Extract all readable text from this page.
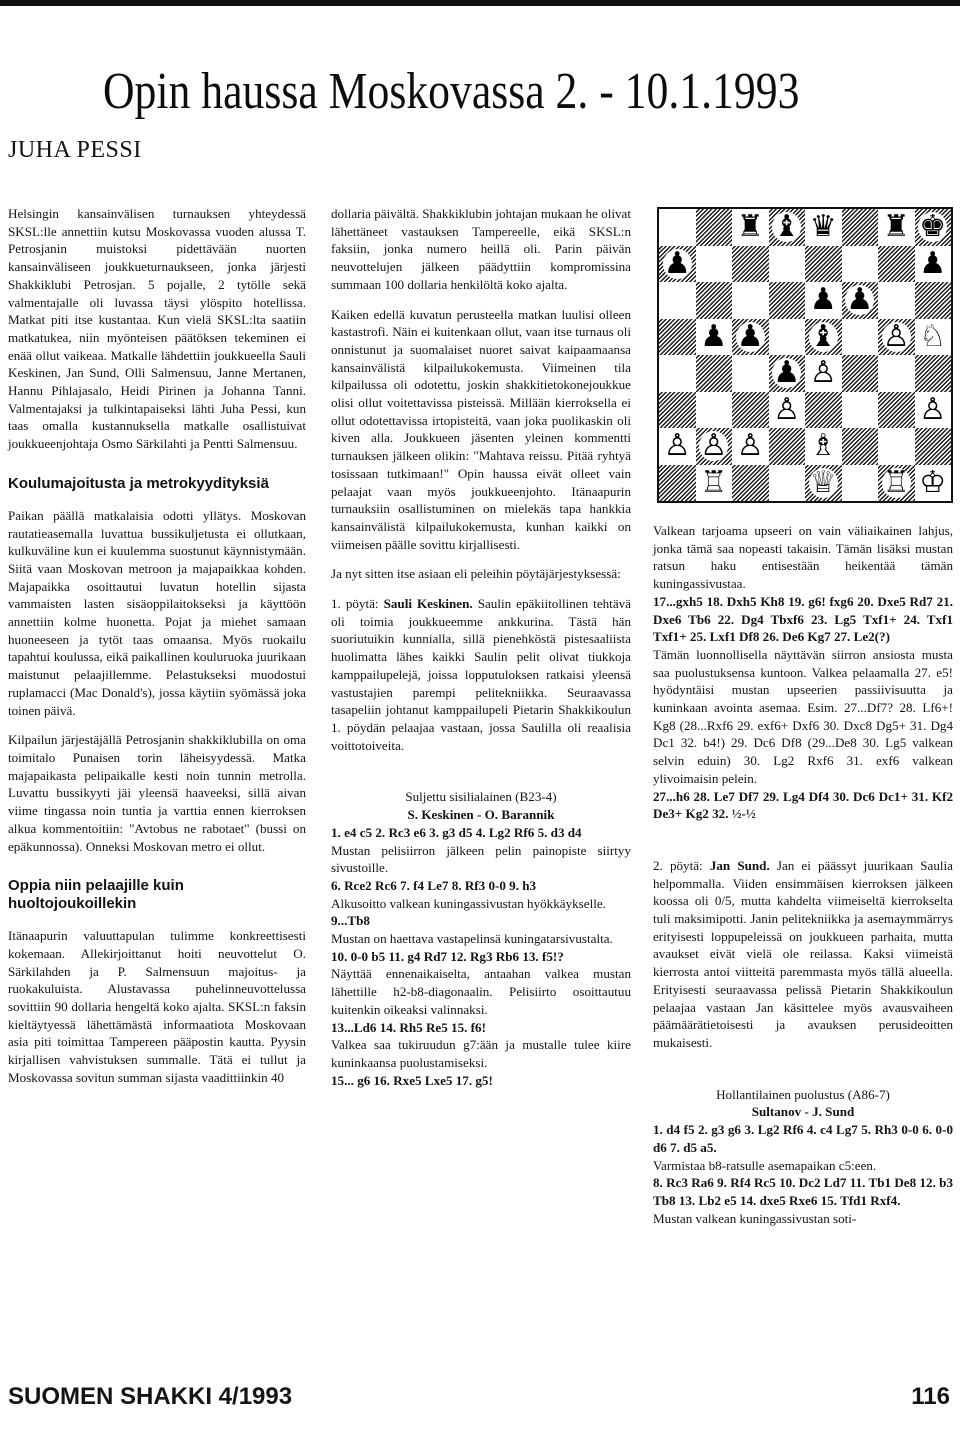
Opin haussa Moskovassa 2. - 10.1.1993
JUHA PESSI

Helsingin kansainvälisen turnauksen yhteydessä SKSL:lle annettiin kutsu Moskovassa vuoden alussa T. Petrosjanin muistoksi pidettävään nuorten kansainväliseen joukkueturnaukseen, jonka järjesti Shakkiklubi Petrosjan. 5 pojalle, 2 tytölle sekä valmentajalle oli luvassa täysi ylöspito hotellissa. Matkat piti itse kustantaa. Kun vielä SKSL:lta saatiin matkatukea, niin myönteisen päätöksen tekeminen ei enää ollut vaikeaa. Matkalle lähdettiin joukkueella Sauli Keskinen, Jan Sund, Olli Salmensuu, Janne Mertanen, Hannu Pihlajasalo, Heidi Pirinen ja Johanna Tanni. Valmentajaksi ja tulkintapaiseksi lähti Juha Pessi, kun taas omalla kustannuksella matkalle osallistuivat joukkueenjohtaja Osmo Särkilahti ja Pentti Salmensuu.

Koulumajoitusta ja metrokyydityksiä

Paikan päällä matkalaisia odotti yllätys. Moskovan rautatieasemalla luvattua bussikuljetusta ei ollutkaan, kulkuväline kun ei kuulemma suostunut käynnistymään. Siitä vaan Moskovan metroon ja majapaikkaa kohden. Majapaikka osoittautui luvatun hotellin sijasta vammaisten lasten sisäoppilaitokseksi ja käyttöön annettiin kolme huonetta. Pojat ja miehet samaan huoneeseen ja tytöt taas omaansa. Myös ruokailu tapahtui koulussa, eikä paikallinen kouluruoka juurikaan maistunut pelaajillemme. Pelastukseksi muodostui ruplamacci (Mac Donald's), jossa käytiin syömässä joka toinen päivä.

Kilpailun järjestäjällä Petrosjanin shakkiklubilla on oma toimitalo Punaisen torin läheisyydessä. Matka majapaikasta pelipaikalle kesti noin tunnin metrolla. Luvattu bussikyyti jäi yleensä haaveeksi, sillä aivan viime tingassa noin tuntia ja varttia ennen kierroksen alkua kommentoitiin: "Avtobus ne rabotaet" (bussi on epäkunnossa). Onneksi Moskovan metro ei ollut.

Oppia niin pelaajille kuin huoltojoukoillekin

Itänaapurin valuuttapulan tulimme konkreettisesti kokemaan. Allekirjoittanut hoiti neuvottelut O. Särkilahden ja P. Salmensuun majoitus- ja ruokakuluista. Alustavassa puhelinneuvottelussa sovittiin 90 dollaria hengeltä koko ajalta. SKSL:n faksin kieltäytyessä lähettämästä informaatiota Moskovaan asia piti toimittaa Tampereen pääpostin kautta. Pyysin kirjallisen vahvistuksen summalle. Tätä ei tullut ja Moskovassa sovitun summan sijasta vaadittiinkin 40

dollaria päivältä. Shakkiklubin johtajan mukaan he olivat lähettäneet vastauksen Tampereelle, eikä SKSL:n faksiin, jonka numero heillä oli. Parin päivän neuvottelujen jälkeen päädyttiin kompromissina summaan 100 dollaria henkilöltä koko ajalta.

Kaiken edellä kuvatun perusteella matkan luulisi olleen kastastrofi. Näin ei kuitenkaan ollut, vaan itse turnaus oli onnistunut ja suomalaiset nuoret saivat kaipaamaansa kansainvälistä kilpailukokemusta. Viimeinen tila kilpailussa oli odotettu, joskin shakkitietokonejoukkue olisi ollut voitettavissa pisteissä. Millään kierroksella ei ollut odotettavissa irtopisteitä, vaan joka puolikaskin oli kiven alla. Joukkueen jäsenten yleinen kommentti turnauksen jälkeen olikin: "Mahtava reissu. Pitää ryhtyä tosissaan tutkimaan!" Opin haussa eivät olleet vain pelaajat vaan myös joukkueenjohto. Itänaapurin turnauksiin osallistuminen on mielekäs tapa hankkia kansainvälistä kilpailukokemusta, kunhan kaikki on viimeisen päälle sovittu kirjallisesti.

Ja nyt sitten itse asiaan eli peleihin pöytäjärjestyksessä:

1. pöytä: Sauli Keskinen. Saulin epäkiitollinen tehtävä oli toimia joukkueemme ankkurina. Tästä hän suoriutuikin kunnialla, sillä pienehköstä pistesaaliista huolimatta lähes kaikki Saulin pelit olivat tiukkoja kamppailupelejä, joissa lopputuloksen ratkaisi yleensä vastustajien parempi pelitekniikka. Seuraavassa tasapeliin johtanut kamppailupeli Pietarin Shakkikoulun 1. pöydän pelaajaa vastaan, jossa Saulilla oli reaalisia voittotoiveita.

Suljettu sisilialainen (B23-4)

S. Keskinen - O. Barannik

1. e4 c5 2. Rc3 e6 3. g3 d5 4. Lg2 Rf6 5. d3 d4

Mustan pelisiirron jälkeen pelin painopiste siirtyy sivustoille.

6. Rce2 Rc6 7. f4 Le7 8. Rf3 0-0 9. h3

Alkusoitto valkean kuningassivustan hyökkäykselle.

9...Tb8

Mustan on haettava vastapelinsä kuningatarsivustalta.

10. 0-0 b5 11. g4 Rd7 12. Rg3 Rb6 13. f5!?

Näyttää ennenaikaiselta, antaahan valkea mustan lähettille h2-b8-diagonaalin. Pelisiirto osoittautuu kuitenkin oikeaksi valinnaksi.

13...Ld6 14. Rh5 Re5 15. f6!

Valkea saa tukiruudun g7:ään ja mustalle tulee kiire kuninkaansa puolustamiseksi.

15... g6 16. Rxe5 Lxe5 17. g5!

♜ ♝ ♛ ♜ ♚
♟	♟
♟ ♟
♟ ♟ ♝ ♙ ♘
♟ ♙
♙	♙
♙ ♙ ♙ ♗
♖	♕ ♖ ♔

Valkean tarjoama upseeri on vain väliaikainen lahjus, jonka tämä saa nopeasti takaisin. Tämän lisäksi mustan ratsun haku entisestään heikentää tämän kuningassivustaa.

17...gxh5 18. Dxh5 Kh8 19. g6! fxg6 20. Dxe5 Rd7 21. Dxe6 Tb6 22. Dg4 Tbxf6 23. Lg5 Txf1+ 24. Txf1 Txf1+ 25. Lxf1 Df8 26. De6 Kg7 27. Le2(?)

Tämän luonnollisella näyttävän siirron ansiosta musta saa puolustuksensa kuntoon. Valkea pelaamalla 27. e5! hyödyntäisi mustan upseerien passiivisuutta ja kuninkaan avointa asemaa. Esim. 27...Df7? 28. Lf6+! Kg8 (28...Rxf6 29. exf6+ Dxf6 30. Dxc8 Dg5+ 31. Dg4 Dc1 32. b4!) 29. Dc6 Df8 (29...De8 30. Lg5 valkean selvin eduin) 30. Lg2 Rxf6 31. exf6 valkean ylivoimaisin pelein.

27...h6 28. Le7 Df7 29. Lg4 Df4 30. Dc6 Dc1+ 31. Kf2 De3+ Kg2 32. ½-½

2. pöytä: Jan Sund. Jan ei päässyt juurikaan Saulia helpommalla. Viiden ensimmäisen kierroksen jälkeen koossa oli 0/5, mutta kahdelta viimeiseltä kierrokselta tuli maksimipotti. Janin pelitekniikka ja asemaymmärrys erityisesti loppupeleissä on joukkueen parhaita, mutta avaukset eivät vielä ole reilassa. Kaksi viimeistä kierrosta antoi viitteitä paremmasta myös tällä alueella. Erityisesti seuraavassa pelissä Pietarin Shakkikoulun pelaajaa vastaan Jan käsittelee myös avausvaiheen päämäärätietoisesti ja avauksen perusideoitten mukaisesti.

Hollantilainen puolustus (A86-7)

Sultanov - J. Sund

1. d4 f5 2. g3 g6 3. Lg2 Rf6 4. c4 Lg7 5. Rh3 0-0 6. 0-0 d6 7. d5 a5.

Varmistaa b8-ratsulle asemapaikan c5:een.

8. Rc3 Ra6 9. Rf4 Rc5 10. Dc2 Ld7 11. Tb1 De8 12. b3 Tb8 13. Lb2 e5 14. dxe5 Rxe6 15. Tfd1 Rxf4.

Mustan valkean kuningassivustan soti-

SUOMEN SHAKKI 4/1993	116
